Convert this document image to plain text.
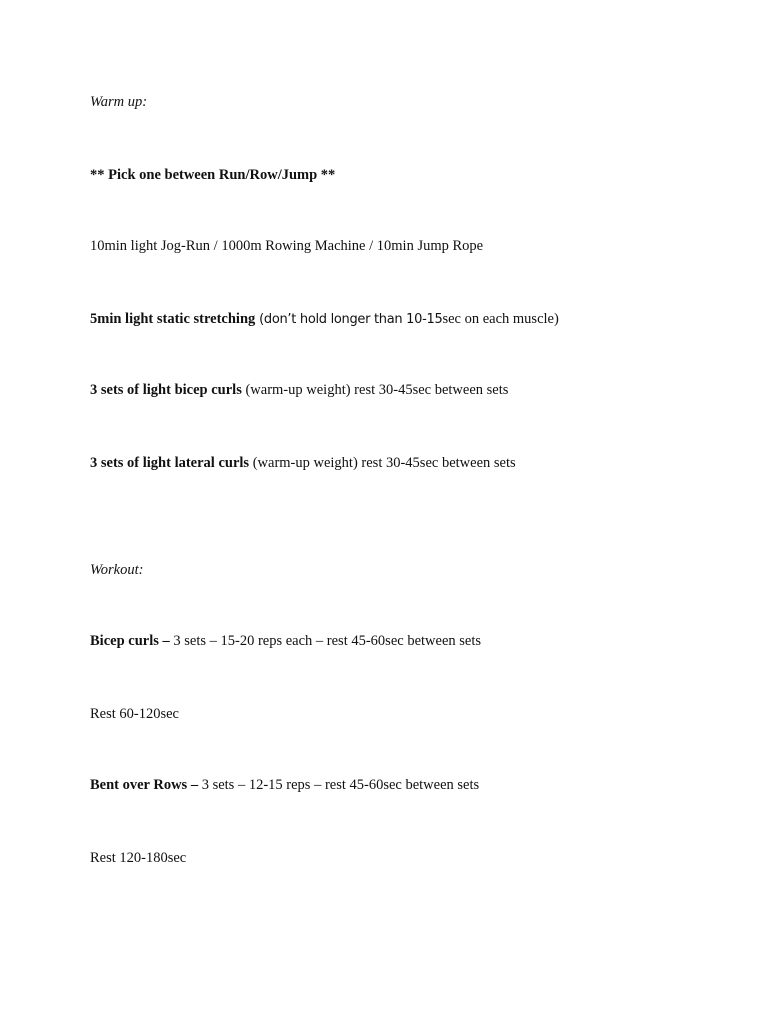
Warm up:
** Pick one between Run/Row/Jump **
10min light Jog-Run / 1000m Rowing Machine / 10min Jump Rope
5min light static stretching (don’t hold longer than 10-15sec on each muscle)
3 sets of light bicep curls (warm-up weight) rest 30-45sec between sets
3 sets of light lateral curls (warm-up weight) rest 30-45sec between sets
Workout:
Bicep curls – 3 sets – 15-20 reps each – rest 45-60sec between sets
Rest 60-120sec
Bent over Rows – 3 sets – 12-15 reps – rest 45-60sec between sets
Rest 120-180sec
